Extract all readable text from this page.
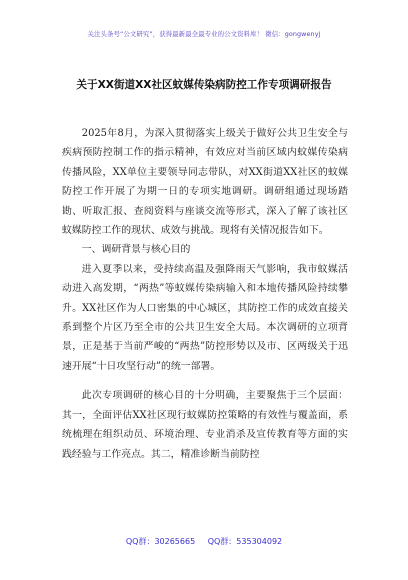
关注头条号“公文研究”，获得最新最全最专业的公文资料库！ 微信：gongwenyj
关于XX街道XX社区蚊媒传染病防控工作专项调研报告

2025年8月，为深入贯彻落实上级关于做好公共卫生安全与疾病预防控制工作的指示精神，有效应对当前区域内蚊媒传染病传播风险，XX单位主要领导同志带队，对XX街道XX社区的蚊媒防控工作开展了为期一日的专项实地调研。调研组通过现场踏勘、听取汇报、查阅资料与座谈交流等形式，深入了解了该社区蚊媒防控工作的现状、成效与挑战。现将有关情况报告如下。

一、调研背景与核心目的

进入夏季以来，受持续高温及强降雨天气影响，我市蚊媒活动进入高发期，“两热”等蚊媒传染病输入和本地传播风险持续攀升。XX社区作为人口密集的中心城区，其防控工作的成效直接关系到整个片区乃至全市的公共卫生安全大局。本次调研的立项背景，正是基于当前严峻的“两热”防控形势以及市、区两级关于迅速开展“十日攻坚行动”的统一部署。

此次专项调研的核心目的十分明确，主要聚焦于三个层面：其一，全面评估XX社区现行蚊媒防控策略的有效性与覆盖面，系统梳理在组织动员、环境治理、专业消杀及宣传教育等方面的实践经验与工作亮点。其二，精准诊断当前防控

QQ群：30265665 QQ群：535304092
